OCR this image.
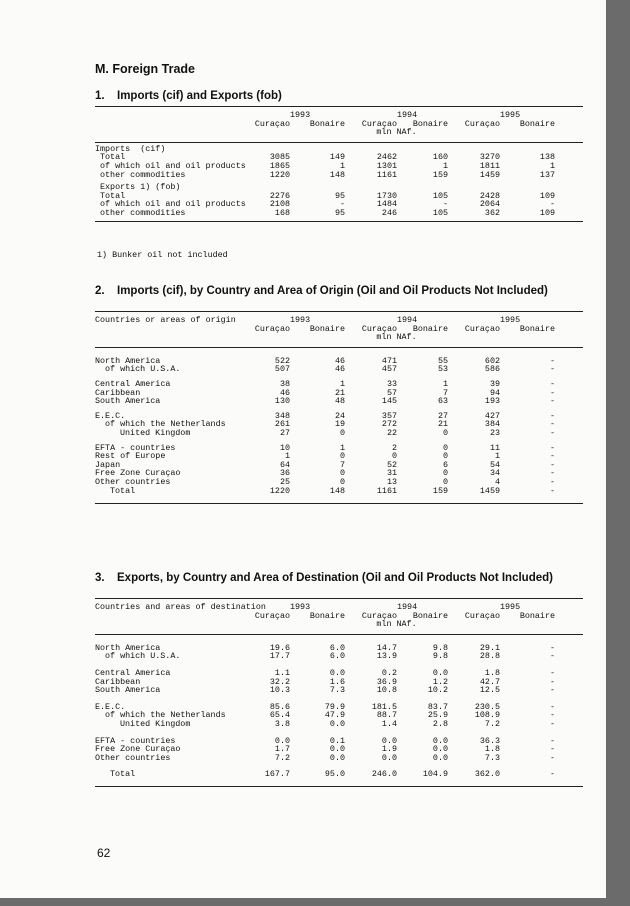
M. Foreign Trade
1. Imports (cif) and Exports (fob)

		1993		1994		1995	
	Curaçao	Bonaire	Curaçao	Bonaire	Curaçao	Bonaire	
			mln NAf.				

Imports  (cif)							
Total	3085	149	2462	160	3270	138	
of which oil and oil products	1865	1	1301	1	1811	1	
other commodities	1220	148	1161	159	1459	137	

Exports 1) (fob)							
Total	2276	95	1730	105	2428	109	
of which oil and oil products	2108	-	1484	-	2064	-	
other commodities	168	95	246	105	362	109	

1) Bunker oil not included
2. Imports (cif), by Country and Area of Origin (Oil and Oil Products Not Included)

Countries or areas of origin		1993		1994		1995	
	Curaçao	Bonaire	Curaçao	Bonaire	Curaçao	Bonaire	
			mln NAf.				

North America	522	46	471	55	602	-	
of which U.S.A.	507	46	457	53	586	-	

Central America	38	1	33	1	39	-	
Caribbean	46	21	57	7	94	-	
South America	130	48	145	63	193	-	

E.E.C.	348	24	357	27	427	-	
of which the Netherlands	261	19	272	21	384	-	
United Kingdom	27	0	22	0	23	-	

EFTA - countries	10	1	2	0	11	-	
Rest of Europe	1	0	0	0	1	-	
Japan	64	7	52	6	54	-	
Free Zone Curaçao	36	0	31	0	34	-	
Other countries	25	0	13	0	4	-	
Total	1220	148	1161	159	1459	-	

3. Exports, by Country and Area of Destination (Oil and Oil Products Not Included)

Countries and areas of destination		1993		1994		1995	
	Curaçao	Bonaire	Curaçao	Bonaire	Curaçao	Bonaire	
			mln NAf.				

North America	19.6	6.0	14.7	9.8	29.1	-	
of which U.S.A.	17.7	6.0	13.9	9.8	28.8	-	

Central America	1.1	0.0	0.2	0.0	1.8	-	
Caribbean	32.2	1.6	36.9	1.2	42.7	-	
South America	10.3	7.3	10.8	10.2	12.5	-	

E.E.C.	85.6	79.9	181.5	83.7	230.5	-	
of which the Netherlands	65.4	47.9	88.7	25.9	108.9	-	
United Kingdom	3.8	0.0	1.4	2.8	7.2	-	

EFTA - countries	0.0	0.1	0.0	0.0	36.3	-	
Free Zone Curaçao	1.7	0.0	1.9	0.0	1.8	-	
Other countries	7.2	0.0	0.0	0.0	7.3	-	

Total	167.7	95.0	246.0	104.9	362.0	-	

62
